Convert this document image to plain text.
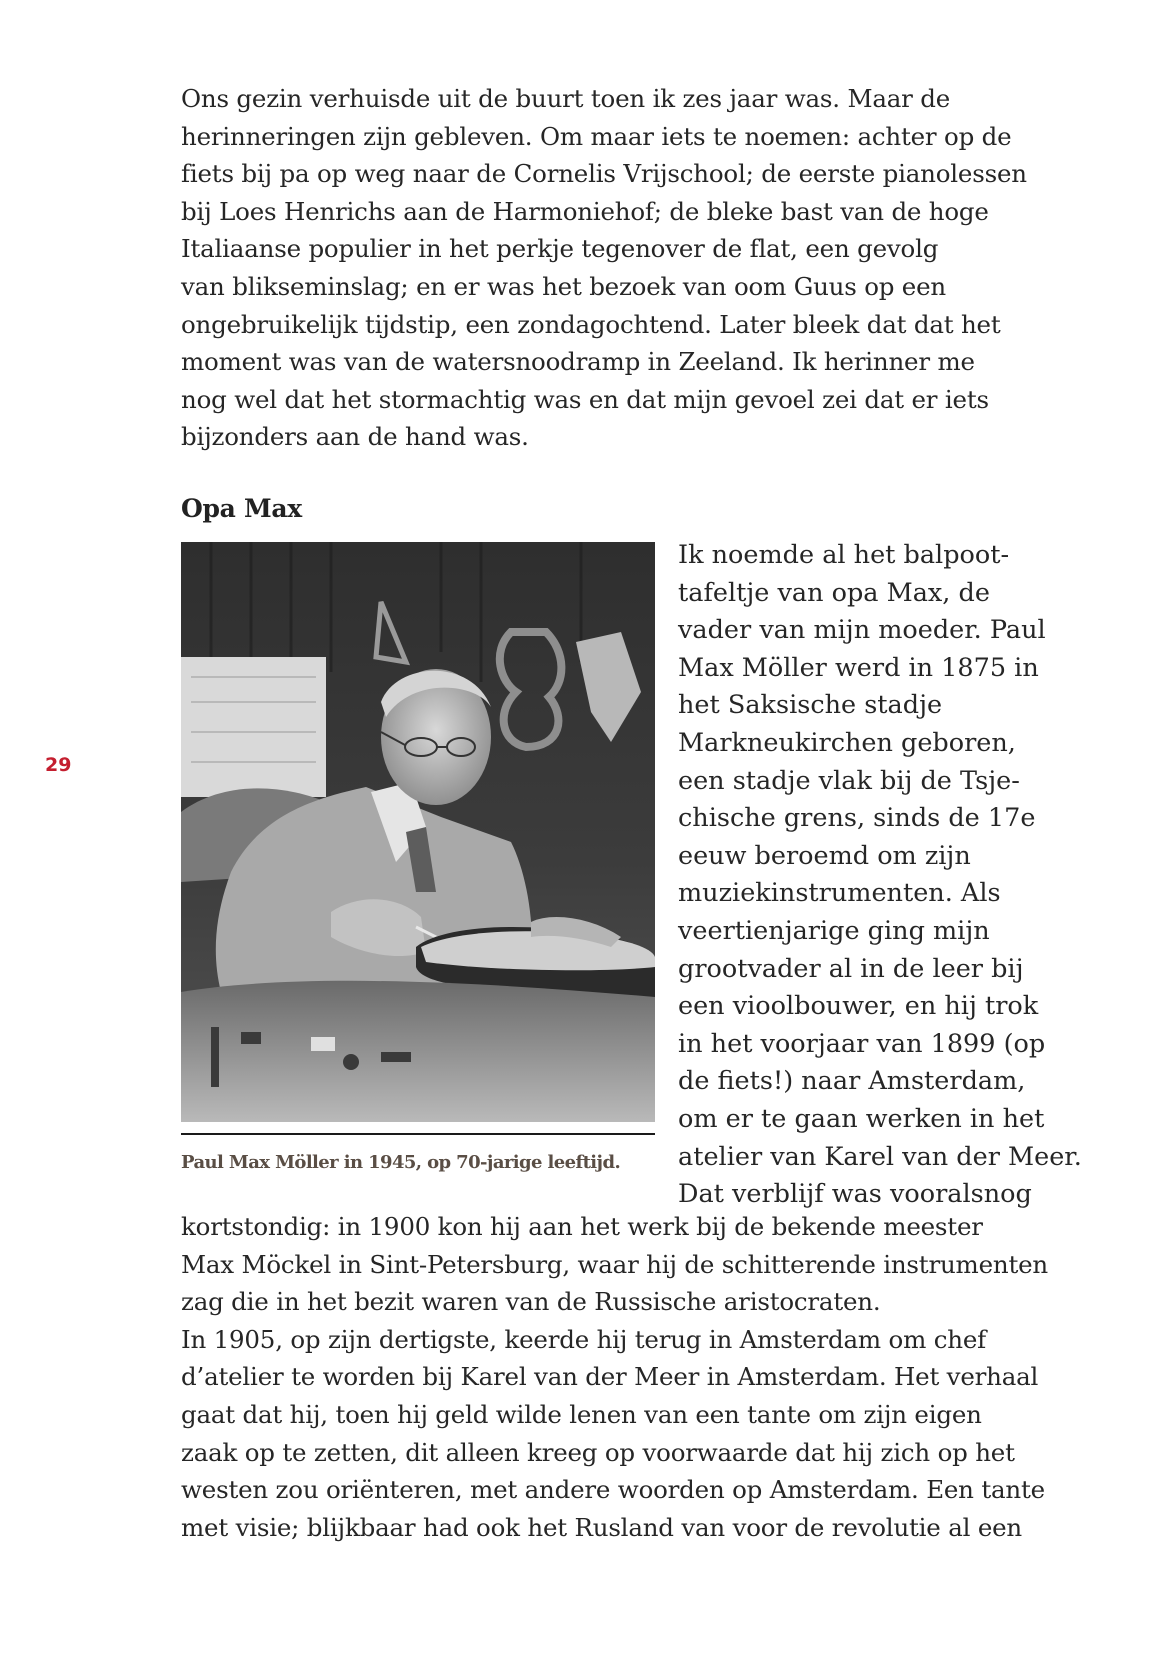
Ons gezin verhuisde uit de buurt toen ik zes jaar was. Maar de
herinneringen zijn gebleven. Om maar iets te noemen: achter op de
fiets bij pa op weg naar de Cornelis Vrijschool; de eerste pianolessen
bij Loes Henrichs aan de Harmoniehof; de bleke bast van de hoge
Italiaanse populier in het perkje tegenover de flat, een gevolg
van blikseminslag; en er was het bezoek van oom Guus op een
ongebruikelijk tijdstip, een zondagochtend. Later bleek dat dat het
moment was van de watersnoodramp in Zeeland. Ik herinner me
nog wel dat het stormachtig was en dat mijn gevoel zei dat er iets
bijzonders aan de hand was.
Opa Max
Paul Max Möller in 1945, op 70-jarige leeftijd.
Ik noemde al het balpoot-
tafeltje van opa Max, de
vader van mijn moeder. Paul
Max Möller werd in 1875 in
het Saksische stadje
Markneukirchen geboren,
een stadje vlak bij de Tsje-
chische grens, sinds de 17e
eeuw beroemd om zijn
muziekinstrumenten. Als
veertienjarige ging mijn
grootvader al in de leer bij
een vioolbouwer, en hij trok
in het voorjaar van 1899 (op
de fiets!) naar Amsterdam,
om er te gaan werken in het
atelier van Karel van der Meer.
Dat verblijf was vooralsnog
kortstondig: in 1900 kon hij aan het werk bij de bekende meester
Max Möckel in Sint-Petersburg, waar hij de schitterende instrumenten
zag die in het bezit waren van de Russische aristocraten.
In 1905, op zijn dertigste, keerde hij terug in Amsterdam om chef
d’atelier te worden bij Karel van der Meer in Amsterdam. Het verhaal
gaat dat hij, toen hij geld wilde lenen van een tante om zijn eigen
zaak op te zetten, dit alleen kreeg op voorwaarde dat hij zich op het
westen zou oriënteren, met andere woorden op Amsterdam. Een tante
met visie; blijkbaar had ook het Rusland van voor de revolutie al een
29
